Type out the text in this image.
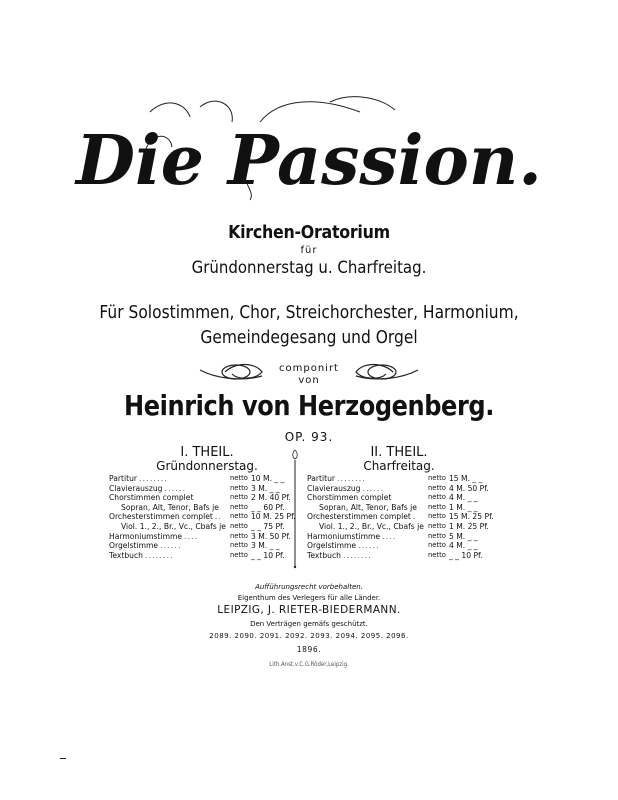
Die Passion.
Kirchen-Oratorium
für
Gründonnerstag u. Charfreitag.
Für Solostimmen, Chor, Streichorchester, Harmonium,
Gemeindegesang und Orgel
componirt
von
Heinrich von Herzogenberg.
OP. 93.
I. THEIL.
Gründonnerstag.
II. THEIL.
Charfreitag.
Partitur ........	netto	10 M. _ _
Clavierauszug ......	netto	3 M. _ _
Chorstimmen complet	netto	2 M. 40 Pf.
Sopran, Alt, Tenor, Bafs je	netto	_ _ 60 Pf.
Orchesterstimmen complet ..	netto	10 M. 25 Pf.
Viol. 1., 2., Br., Vc., Cbafs je	netto	_ _ 75 Pf.
Harmoniumstimme ....	netto	3 M. 50 Pf.
Orgelstimme ......	netto	3 M. _ _
Textbuch ........	netto	_ _ 10 Pf.
Partitur ........	netto	15 M. _ _
Clavierauszug ......	netto	4 M. 50 Pf.
Chorstimmen complet	netto	4 M. _ _
Sopran, Alt, Tenor, Bafs je	netto	1 M. _ _
Orchesterstimmen complet .	netto	15 M. 25 Pf.
Viol. 1., 2., Br., Vc., Cbafs je	netto	1 M. 25 Pf.
Harmoniumstimme ....	netto	5 M. _ _
Orgelstimme ......	netto	4 M. _ _
Textbuch ........	netto	_ _ 10 Pf.
Aufführungsrecht vorbehalten.
Eigenthum des Verlegers für alle Länder.
LEIPZIG, J. RIETER-BIEDERMANN.
Den Verträgen gemäfs geschützt.
2089. 2090. 2091. 2092. 2093. 2094. 2095. 2096.
1896.
Lith.Anst.v.C.G.Röder,Leipzig.
